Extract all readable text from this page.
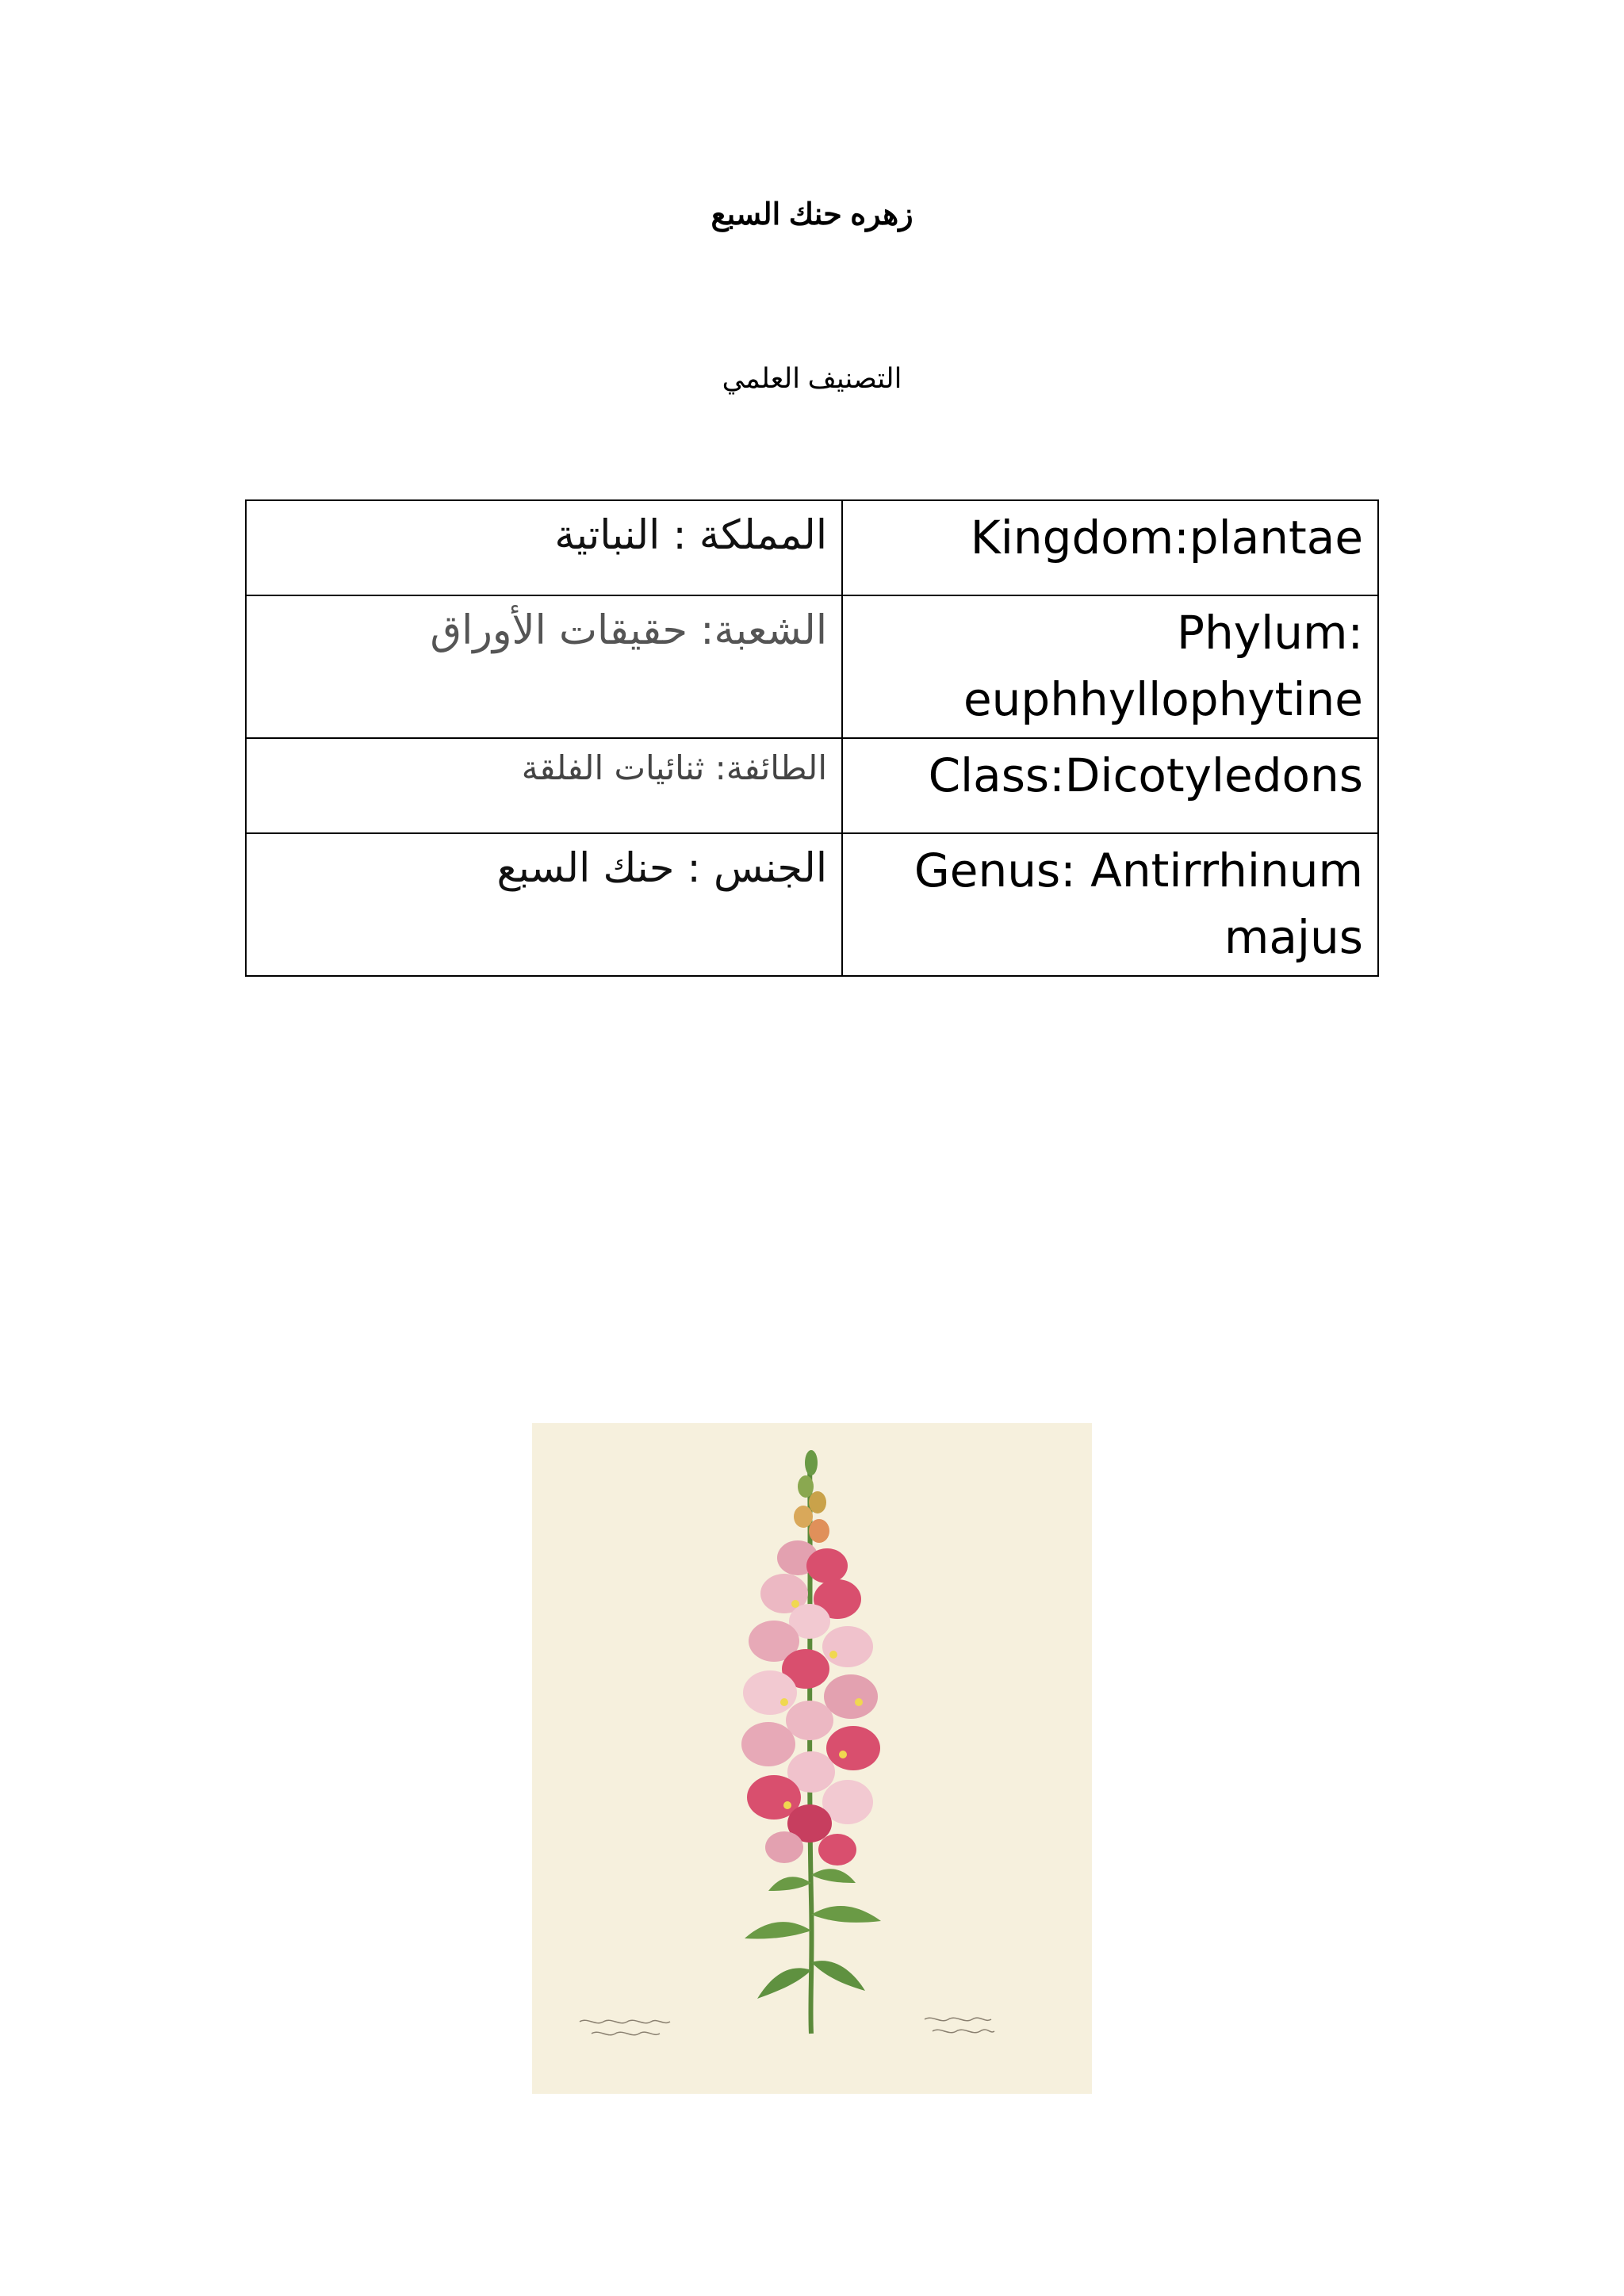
زهره حنك السبع
التصنيف العلمي
المملكة : النباتية	Kingdom:plantae
الشعبة: حقيقات الأوراق	Phylum: euphhyllophytine
الطائفة: ثنائيات الفلقة	Class:Dicotyledons
الجنس : حنك السبع	Genus: Antirrhinum majus
